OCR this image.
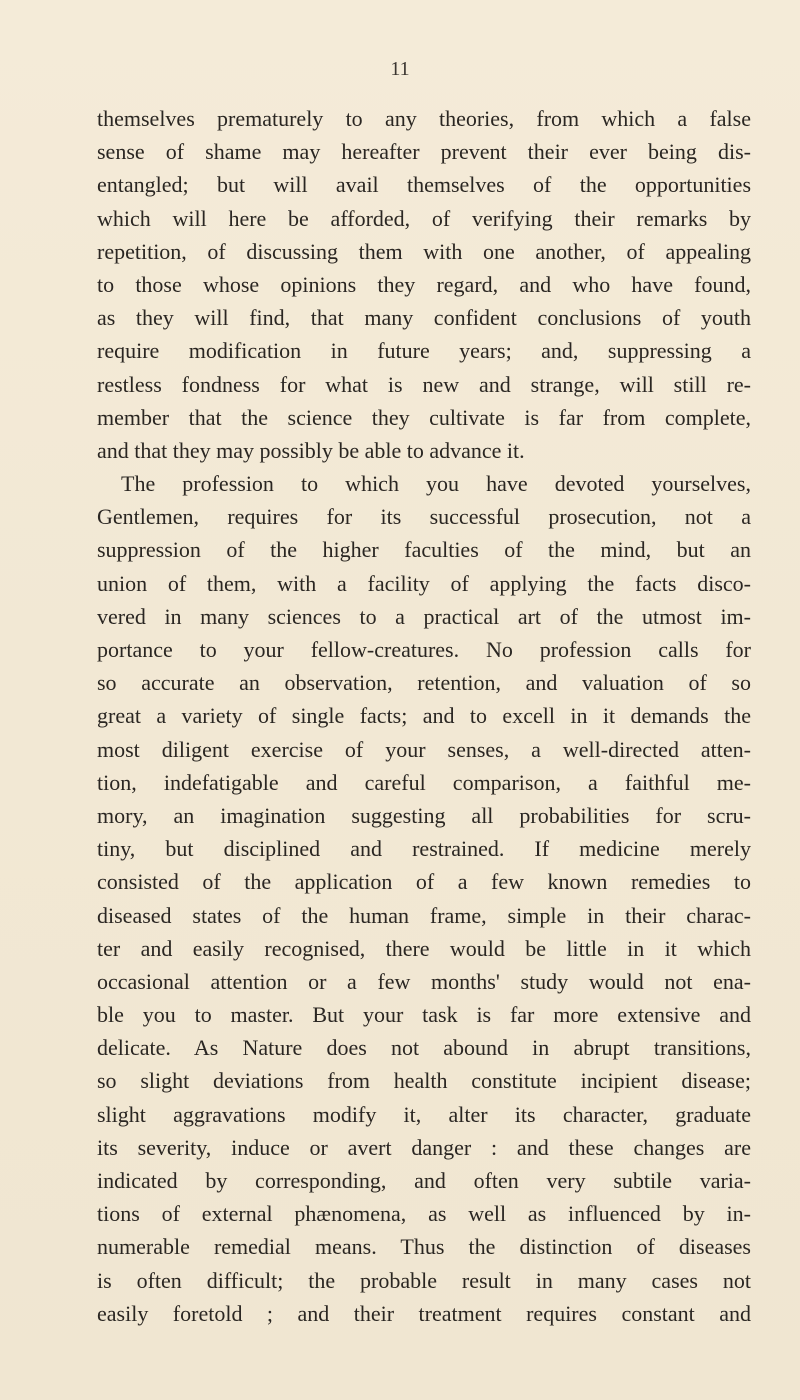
11
themselves prematurely to any theories, from which a false
sense of shame may hereafter prevent their ever being dis-
entangled; but will avail themselves of the opportunities
which will here be afforded, of verifying their remarks by
repetition, of discussing them with one another, of appealing
to those whose opinions they regard, and who have found,
as they will find, that many confident conclusions of youth
require modification in future years; and, suppressing a
restless fondness for what is new and strange, will still re-
member that the science they cultivate is far from complete,
and that they may possibly be able to advance it.
The profession to which you have devoted yourselves,
Gentlemen, requires for its successful prosecution, not a
suppression of the higher faculties of the mind, but an
union of them, with a facility of applying the facts disco-
vered in many sciences to a practical art of the utmost im-
portance to your fellow-creatures. No profession calls for
so accurate an observation, retention, and valuation of so
great a variety of single facts; and to excell in it demands the
most diligent exercise of your senses, a well-directed atten-
tion, indefatigable and careful comparison, a faithful me-
mory, an imagination suggesting all probabilities for scru-
tiny, but disciplined and restrained. If medicine merely
consisted of the application of a few known remedies to
diseased states of the human frame, simple in their charac-
ter and easily recognised, there would be little in it which
occasional attention or a few months' study would not ena-
ble you to master. But your task is far more extensive and
delicate. As Nature does not abound in abrupt transitions,
so slight deviations from health constitute incipient disease;
slight aggravations modify it, alter its character, graduate
its severity, induce or avert danger : and these changes are
indicated by corresponding, and often very subtile varia-
tions of external phænomena, as well as influenced by in-
numerable remedial means. Thus the distinction of diseases
is often difficult; the probable result in many cases not
easily foretold ; and their treatment requires constant and
